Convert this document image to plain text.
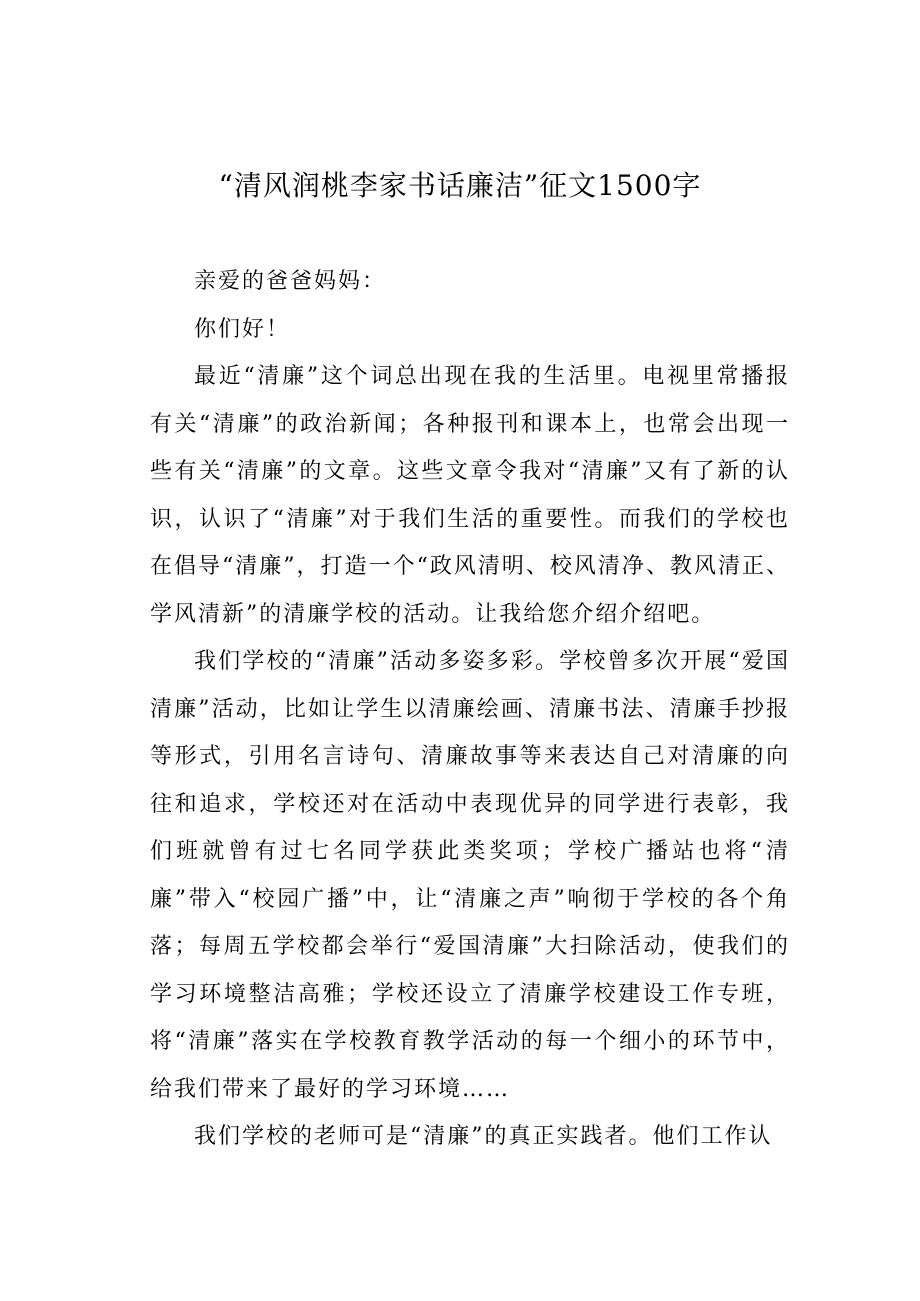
“清风润桃李家书话廉洁”征文1500字

亲爱的爸爸妈妈：

你们好！

最近“清廉”这个词总出现在我的生活里。电视里常播报有关“清廉”的政治新闻；各种报刊和课本上，也常会出现一些有关“清廉”的文章。这些文章令我对“清廉”又有了新的认识，认识了“清廉”对于我们生活的重要性。而我们的学校也在倡导“清廉”，打造一个“政风清明、校风清净、教风清正、学风清新”的清廉学校的活动。让我给您介绍介绍吧。

我们学校的“清廉”活动多姿多彩。学校曾多次开展“爱国清廉”活动，比如让学生以清廉绘画、清廉书法、清廉手抄报等形式，引用名言诗句、清廉故事等来表达自己对清廉的向往和追求，学校还对在活动中表现优异的同学进行表彰，我们班就曾有过七名同学获此类奖项；学校广播站也将“清廉”带入“校园广播”中，让“清廉之声”响彻于学校的各个角落；每周五学校都会举行“爱国清廉”大扫除活动，使我们的学习环境整洁高雅；学校还设立了清廉学校建设工作专班，将“清廉”落实在学校教育教学活动的每一个细小的环节中，给我们带来了最好的学习环境……

我们学校的老师可是“清廉”的真正实践者。他们工作认
